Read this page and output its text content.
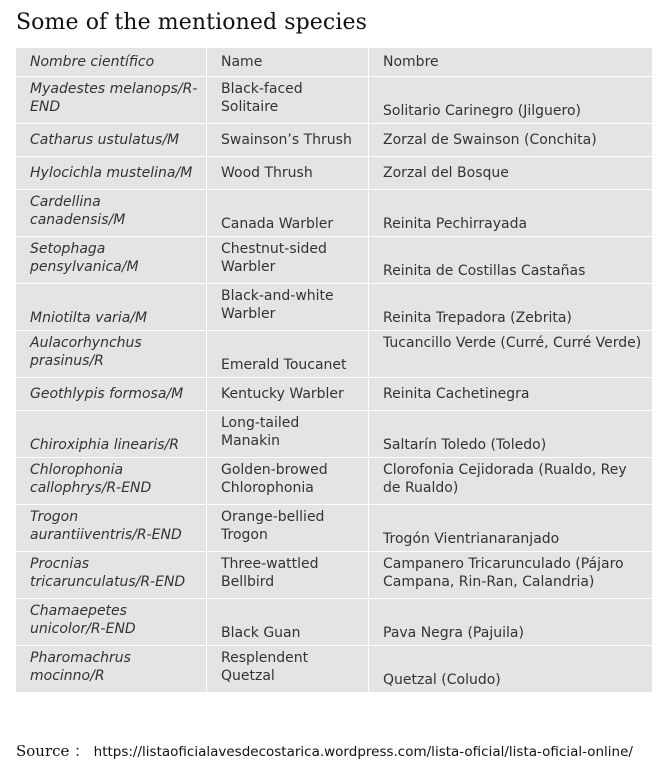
Some of the mentioned species
Nombre científico	Name	Nombre
Myadestes melanops/R-END	Black-faced Solitaire	Solitario Carinegro (Jilguero)
Catharus ustulatus/M	Swainson’s Thrush	Zorzal de Swainson (Conchita)
Hylocichla mustelina/M	Wood Thrush	Zorzal del Bosque
Cardellina canadensis/M	Canada Warbler	Reinita Pechirrayada
Setophaga pensylvanica/M	Chestnut-sided Warbler	Reinita de Costillas Castañas
Mniotilta varia/M	Black-and-white Warbler	Reinita Trepadora (Zebrita)
Aulacorhynchus prasinus/R	Emerald Toucanet	Tucancillo Verde (Curré, Curré Verde)
Geothlypis formosa/M	Kentucky Warbler	Reinita Cachetinegra
Chiroxiphia linearis/R	Long-tailed Manakin	Saltarín Toledo (Toledo)
Chlorophonia callophrys/R-END	Golden-browed Chlorophonia	Clorofonia Cejidorada (Rualdo, Rey de Rualdo)
Trogon aurantiiventris/R-END	Orange-bellied Trogon	Trogón Vientrianaranjado
Procnias tricarunculatus/R-END	Three-wattled Bellbird	Campanero Tricarunculado (Pájaro Campana, Rin-Ran, Calandria)
Chamaepetes unicolor/R-END	Black Guan	Pava Negra (Pajuila)
Pharomachrus mocinno/R	Resplendent Quetzal	Quetzal (Coludo)
Source ： https://listaoficialavesdecostarica.wordpress.com/lista-oficial/lista-oficial-online/
